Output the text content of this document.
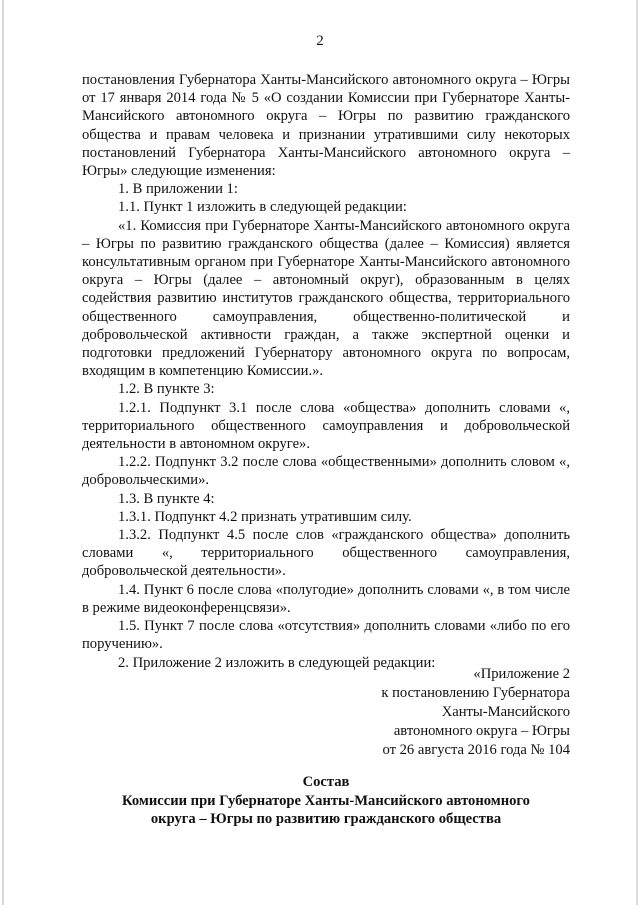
2

постановления Губернатора Ханты-Мансийского автономного округа – Югры от 17 января 2014 года № 5 «О создании Комиссии при Губернаторе Ханты-Мансийского автономного округа – Югры по развитию гражданского общества и правам человека и признании утратившими силу некоторых постановлений Губернатора Ханты-Мансийского автономного округа – Югры» следующие изменения:

1. В приложении 1:

1.1. Пункт 1 изложить в следующей редакции:

«1. Комиссия при Губернаторе Ханты-Мансийского автономного округа – Югры по развитию гражданского общества (далее – Комиссия) является консультативным органом при Губернаторе Ханты-Мансийского автономного округа – Югры (далее – автономный округ), образованным в целях содействия развитию институтов гражданского общества, территориального общественного самоуправления, общественно-политической и добровольческой активности граждан, а также экспертной оценки и подготовки предложений Губернатору автономного округа по вопросам, входящим в компетенцию Комиссии.».

1.2. В пункте 3:

1.2.1. Подпункт 3.1 после слова «общества» дополнить словами «, территориального общественного самоуправления и добровольческой деятельности в автономном округе».

1.2.2. Подпункт 3.2 после слова «общественными» дополнить словом «, добровольческими».

1.3. В пункте 4:

1.3.1. Подпункт 4.2 признать утратившим силу.

1.3.2. Подпункт 4.5 после слов «гражданского общества» дополнить словами «, территориального общественного самоуправления, добровольческой деятельности».

1.4. Пункт 6 после слова «полугодие» дополнить словами «, в том числе в режиме видеоконференцсвязи».

1.5. Пункт 7 после слова «отсутствия» дополнить словами «либо по его поручению».

2. Приложение 2 изложить в следующей редакции:

«Приложение 2
к постановлению Губернатора
Ханты-Мансийского
автономного округа – Югры
от 26 августа 2016 года № 104
Состав
Комиссии при Губернаторе Ханты-Мансийского автономного
округа – Югры по развитию гражданского общества
